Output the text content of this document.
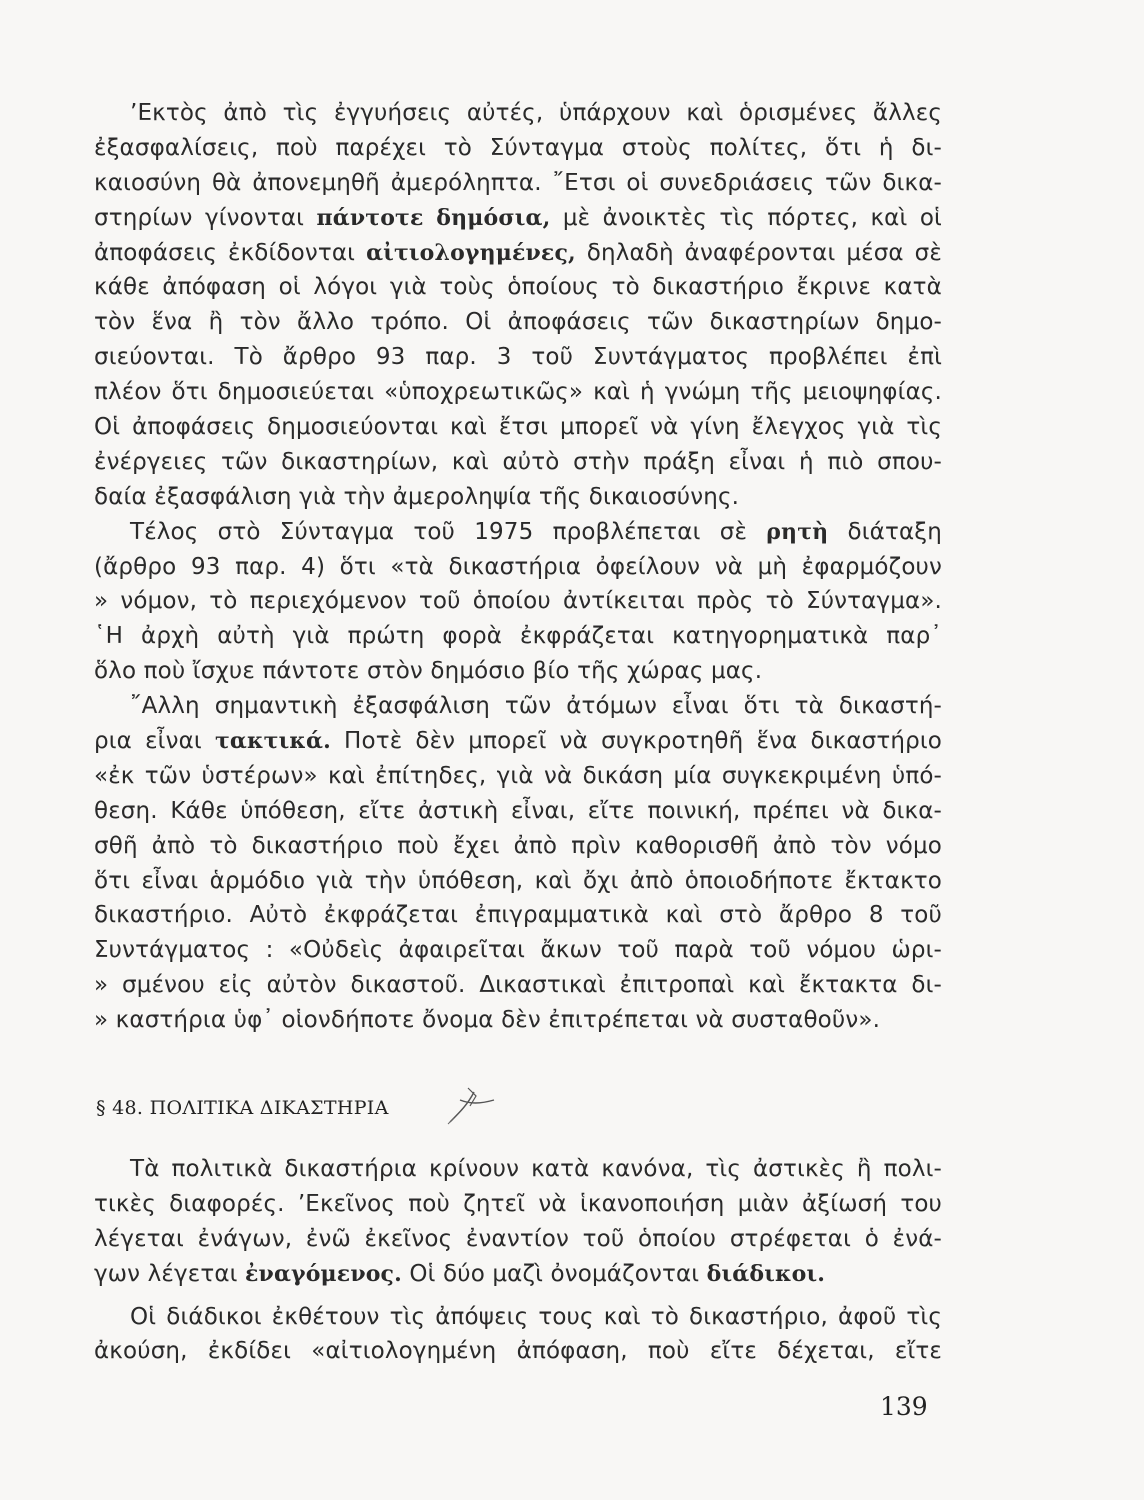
’Εκτὸς ἀπὸ τὶς ἐγγυήσεις αὐτές, ὑπάρχουν καὶ ὁρισμένες ἄλλες
ἐξασφαλίσεις, ποὺ παρέχει τὸ Σύνταγμα στοὺς πολίτες, ὅτι ἡ δι-
καιοσύνη θὰ ἀπονεμηθῆ ἀμερόληπτα. ῎Ετσι οἱ συνεδριάσεις τῶν δικα-
στηρίων γίνονται πάντοτε δημόσια, μὲ ἀνοικτὲς τὶς πόρτες, καὶ οἱ
ἀποφάσεις ἐκδίδονται αἰτιολογημένες, δηλαδὴ ἀναφέρονται μέσα σὲ
κάθε ἀπόφαση οἱ λόγοι γιὰ τοὺς ὁποίους τὸ δικαστήριο ἔκρινε κατὰ
τὸν ἕνα ἢ τὸν ἄλλο τρόπο. Οἱ ἀποφάσεις τῶν δικαστηρίων δημο-
σιεύονται. Τὸ ἄρθρο 93 παρ. 3 τοῦ Συντάγματος προβλέπει ἐπὶ
πλέον ὅτι δημοσιεύεται «ὑποχρεωτικῶς» καὶ ἡ γνώμη τῆς μειοψηφίας.
Οἱ ἀποφάσεις δημοσιεύονται καὶ ἔτσι μπορεῖ νὰ γίνη ἔλεγχος γιὰ τὶς
ἐνέργειες τῶν δικαστηρίων, καὶ αὐτὸ στὴν πράξη εἶναι ἡ πιὸ σπου-
δαία ἐξασφάλιση γιὰ τὴν ἀμεροληψία τῆς δικαιοσύνης.
Τέλος στὸ Σύνταγμα τοῦ 1975 προβλέπεται σὲ ρητὴ διάταξη
(ἄρθρο 93 παρ. 4) ὅτι «τὰ δικαστήρια ὀφείλουν νὰ μὴ ἐφαρμόζουν
» νόμον, τὸ περιεχόμενον τοῦ ὁποίου ἀντίκειται πρὸς τὸ Σύνταγμα».
῾Η ἀρχὴ αὐτὴ γιὰ πρώτη φορὰ ἐκφράζεται κατηγορηματικὰ παρ᾿
ὅλο ποὺ ἴσχυε πάντοτε στὸν δημόσιο βίο τῆς χώρας μας.
῎Αλλη σημαντικὴ ἐξασφάλιση τῶν ἀτόμων εἶναι ὅτι τὰ δικαστή-
ρια εἶναι τακτικά. Ποτὲ δὲν μπορεῖ νὰ συγκροτηθῆ ἕνα δικαστήριο
«ἐκ τῶν ὑστέρων» καὶ ἐπίτηδες, γιὰ νὰ δικάση μία συγκεκριμένη ὑπό-
θεση. Κάθε ὑπόθεση, εἴτε ἀστικὴ εἶναι, εἴτε ποινική, πρέπει νὰ δικα-
σθῆ ἀπὸ τὸ δικαστήριο ποὺ ἔχει ἀπὸ πρὶν καθορισθῆ ἀπὸ τὸν νόμο
ὅτι εἶναι ἁρμόδιο γιὰ τὴν ὑπόθεση, καὶ ὄχι ἀπὸ ὁποιοδήποτε ἔκτακτο
δικαστήριο. Αὐτὸ ἐκφράζεται ἐπιγραμματικὰ καὶ στὸ ἄρθρο 8 τοῦ
Συντάγματος : «Οὐδεὶς ἀφαιρεῖται ἄκων τοῦ παρὰ τοῦ νόμου ὡρι-
» σμένου εἰς αὐτὸν δικαστοῦ. Δικαστικαὶ ἐπιτροπαὶ καὶ ἔκτακτα δι-
» καστήρια ὑφ᾿ οἱονδήποτε ὄνομα δὲν ἐπιτρέπεται νὰ συσταθοῦν».
§ 48. ΠΟΛΙΤΙΚΑ ΔΙΚΑΣΤΗΡΙΑ
Τὰ πολιτικὰ δικαστήρια κρίνουν κατὰ κανόνα, τὶς ἀστικὲς ἢ πολι-
τικὲς διαφορές. ’Εκεῖνος ποὺ ζητεῖ νὰ ἱκανοποιήση μιὰν ἀξίωσή του
λέγεται ἐνάγων, ἐνῶ ἐκεῖνος ἐναντίον τοῦ ὁποίου στρέφεται ὁ ἐνά-
γων λέγεται ἐναγόμενος. Οἱ δύο μαζὶ ὀνομάζονται διάδικοι.
Οἱ διάδικοι ἐκθέτουν τὶς ἀπόψεις τους καὶ τὸ δικαστήριο, ἀφοῦ τὶς
ἀκούση, ἐκδίδει «αἰτιολογημένη ἀπόφαση, ποὺ εἴτε δέχεται, εἴτε
139
